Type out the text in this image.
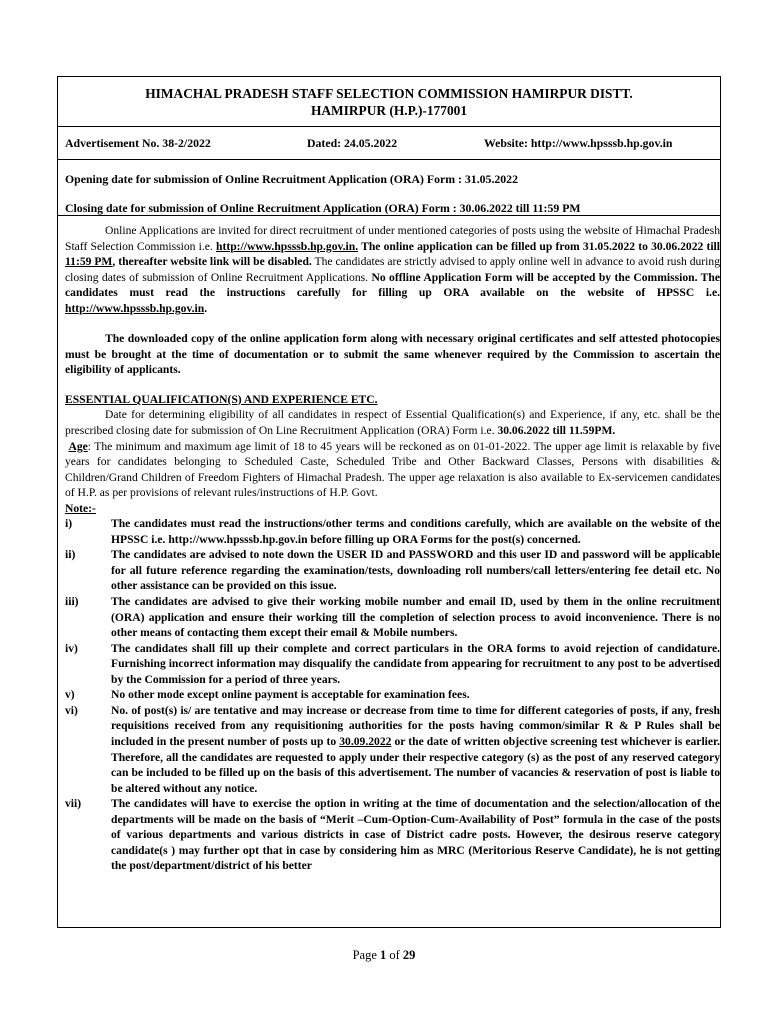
HIMACHAL PRADESH STAFF SELECTION COMMISSION HAMIRPUR DISTT.
HAMIRPUR (H.P.)-177001
Advertisement No. 38-2/2022	Dated: 24.05.2022	Website: http://www.hpsssb.hp.gov.in
Opening date for submission of Online Recruitment Application (ORA) Form : 31.05.2022
Closing date for submission of Online Recruitment Application (ORA) Form : 30.06.2022 till 11:59 PM

Online Applications are invited for direct recruitment of under mentioned categories of posts using the website of Himachal Pradesh Staff Selection Commission i.e. http://www.hpsssb.hp.gov.in. The online application can be filled up from 31.05.2022 to 30.06.2022 till 11:59 PM, thereafter website link will be disabled. The candidates are strictly advised to apply online well in advance to avoid rush during closing dates of submission of Online Recruitment Applications. No offline Application Form will be accepted by the Commission. The candidates must read the instructions carefully for filling up ORA available on the website of HPSSC i.e. http://www.hpsssb.hp.gov.in.

The downloaded copy of the online application form along with necessary original certificates and self attested photocopies must be brought at the time of documentation or to submit the same whenever required by the Commission to ascertain the eligibility of applicants.

ESSENTIAL QUALIFICATION(S) AND EXPERIENCE ETC.

Date for determining eligibility of all candidates in respect of Essential Qualification(s) and Experience, if any, etc. shall be the prescribed closing date for submission of On Line Recruitment Application (ORA) Form i.e. 30.06.2022 till 11.59PM.

Age: The minimum and maximum age limit of 18 to 45 years will be reckoned as on 01-01-2022. The upper age limit is relaxable by five years for candidates belonging to Scheduled Caste, Scheduled Tribe and Other Backward Classes, Persons with disabilities & Children/Grand Children of Freedom Fighters of Himachal Pradesh. The upper age relaxation is also available to Ex-servicemen candidates of H.P. as per provisions of relevant rules/instructions of H.P. Govt.

Note:-

i)	The candidates must read the instructions/other terms and conditions carefully, which are available on the website of the HPSSC i.e. http://www.hpsssb.hp.gov.in before filling up ORA Forms for the post(s) concerned.
ii)	The candidates are advised to note down the USER ID and PASSWORD and this user ID and password will be applicable for all future reference regarding the examination/tests, downloading roll numbers/call letters/entering fee detail etc. No other assistance can be provided on this issue.
iii)	The candidates are advised to give their working mobile number and email ID, used by them in the online recruitment (ORA) application and ensure their working till the completion of selection process to avoid inconvenience. There is no other means of contacting them except their email & Mobile numbers.
iv)	The candidates shall fill up their complete and correct particulars in the ORA forms to avoid rejection of candidature. Furnishing incorrect information may disqualify the candidate from appearing for recruitment to any post to be advertised by the Commission for a period of three years.
v)	No other mode except online payment is acceptable for examination fees.
vi)	No. of post(s) is/ are tentative and may increase or decrease from time to time for different categories of posts, if any, fresh requisitions received from any requisitioning authorities for the posts having common/similar R & P Rules shall be included in the present number of posts up to 30.09.2022 or the date of written objective screening test whichever is earlier. Therefore, all the candidates are requested to apply under their respective category (s) as the post of any reserved category can be included to be filled up on the basis of this advertisement. The number of vacancies & reservation of post is liable to be altered without any notice.
vii)	The candidates will have to exercise the option in writing at the time of documentation and the selection/allocation of the departments will be made on the basis of “Merit –Cum-Option-Cum-Availability of Post” formula in the case of the posts of various departments and various districts in case of District cadre posts. However, the desirous reserve category candidate(s ) may further opt that in case by considering him as MRC (Meritorious Reserve Candidate), he is not getting the post/department/district of his better
Page 1 of 29
